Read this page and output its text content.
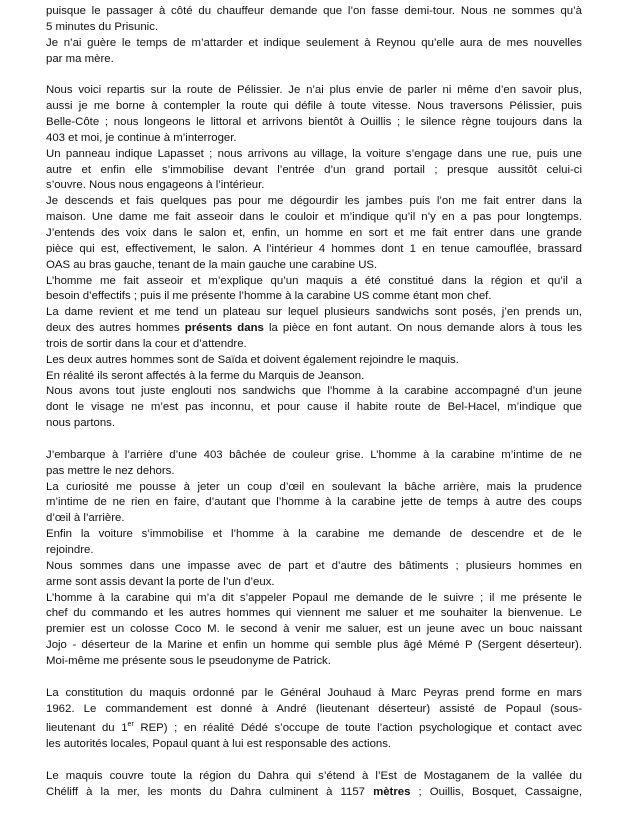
puisque le passager à côté du chauffeur demande que l’on fasse demi-tour. Nous ne sommes qu’à
5 minutes du Prisunic.
Je n’ai guère le temps de m’attarder et indique seulement à Reynou qu’elle aura de mes nouvelles
par ma mère.
Nous voici repartis sur la route de Pélissier. Je n’ai plus envie de parler ni même d’en savoir plus,
aussi je me borne à contempler la route qui défile à toute vitesse. Nous traversons Pélissier, puis
Belle-Côte ; nous longeons le littoral et arrivons bientôt à Ouillis ; le silence règne toujours dans la
403 et moi, je continue à m’interroger.
Un panneau indique Lapasset ; nous arrivons au village, la voiture s’engage dans une rue, puis une
autre et enfin elle s’immobilise devant l’entrée d’un grand portail ; presque aussitôt celui-ci
s’ouvre. Nous nous engageons à l’intérieur.
Je descends et fais quelques pas pour me dégourdir les jambes puis l’on me fait entrer dans la
maison. Une dame me fait asseoir dans le couloir et m’indique qu’il n’y en a pas pour longtemps.
J’entends des voix dans le salon et, enfin, un homme en sort et me fait entrer dans une grande
pièce qui est, effectivement, le salon. A l’intérieur 4 hommes dont 1 en tenue camouflée, brassard
OAS au bras gauche, tenant de la main gauche une carabine US.
L’homme me fait asseoir et m’explique qu’un maquis a été constitué dans la région et qu’il a
besoin d’effectifs ; puis il me présente l’homme à la carabine US comme étant mon chef.
La dame revient et me tend un plateau sur lequel plusieurs sandwichs sont posés, j’en prends un,
deux des autres hommes présents dans la pièce en font autant. On nous demande alors à tous les
trois de sortir dans la cour et d’attendre.
Les deux autres hommes sont de Saïda et doivent également rejoindre le maquis.
En réalité ils seront affectés à la ferme du Marquis de Jeanson.
Nous avons tout juste englouti nos sandwichs que l’homme à la carabine accompagné d’un jeune
dont le visage ne m’est pas inconnu, et pour cause il habite route de Bel-Hacel, m’indique que
nous partons.
J’embarque à l’arrière d’une 403 bâchée de couleur grise. L’homme à la carabine m’intime de ne
pas mettre le nez dehors.
La curiosité me pousse à jeter un coup d’œil en soulevant la bâche arrière, mais la prudence
m’intime de ne rien en faire, d’autant que l’homme à la carabine jette de temps à autre des coups
d’œil à l’arrière.
Enfin la voiture s’immobilise et l’homme à la carabine me demande de descendre et de le
rejoindre.
Nous sommes dans une impasse avec de part et d’autre des bâtiments ; plusieurs hommes en
arme sont assis devant la porte de l’un d’eux.
L’homme à la carabine qui m’a dit s’appeler Popaul me demande de le suivre ; il me présente le
chef du commando et les autres hommes qui viennent me saluer et me souhaiter la bienvenue. Le
premier est un colosse Coco M. le second à venir me saluer, est un jeune avec un bouc naissant
Jojo - déserteur de la Marine et enfin un homme qui semble plus âgé Mémé P (Sergent déserteur).
Moi-même me présente sous le pseudonyme de Patrick.
La constitution du maquis ordonné par le Général Jouhaud à Marc Peyras prend forme en mars
1962. Le commandement est donné à André (lieutenant déserteur) assisté de Popaul (sous-
lieutenant du 1er REP) ; en réalité Dédé s’occupe de toute l’action psychologique et contact avec
les autorités locales, Popaul quant à lui est responsable des actions.
Le maquis couvre toute la région du Dahra qui s’étend à l’Est de Mostaganem de la vallée du
Chéliff à la mer, les monts du Dahra culminent à 1157 mètres ; Ouillis, Bosquet, Cassaigne,
